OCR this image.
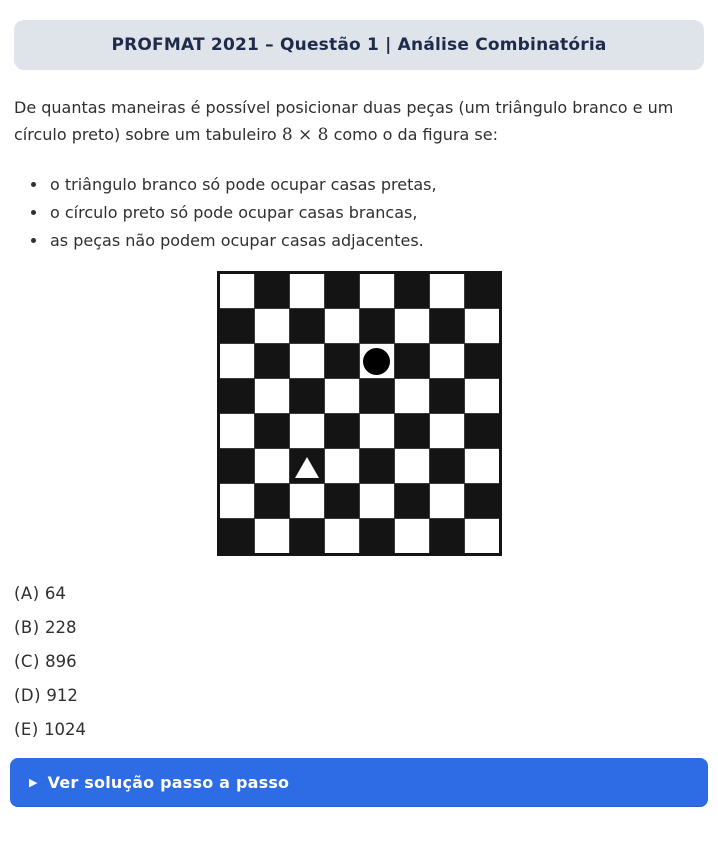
PROFMAT 2021 – Questão 1 | Análise Combinatória

De quantas maneiras é possível posicionar duas peças (um triângulo branco e um círculo preto) sobre um tabuleiro 8 × 8 como o da figura se:

• o triângulo branco só pode ocupar casas pretas,
• o círculo preto só pode ocupar casas brancas,
• as peças não podem ocupar casas adjacentes.
(A) 64
(B) 228
(C) 896
(D) 912
(E) 1024
▶ Ver solução passo a passo
